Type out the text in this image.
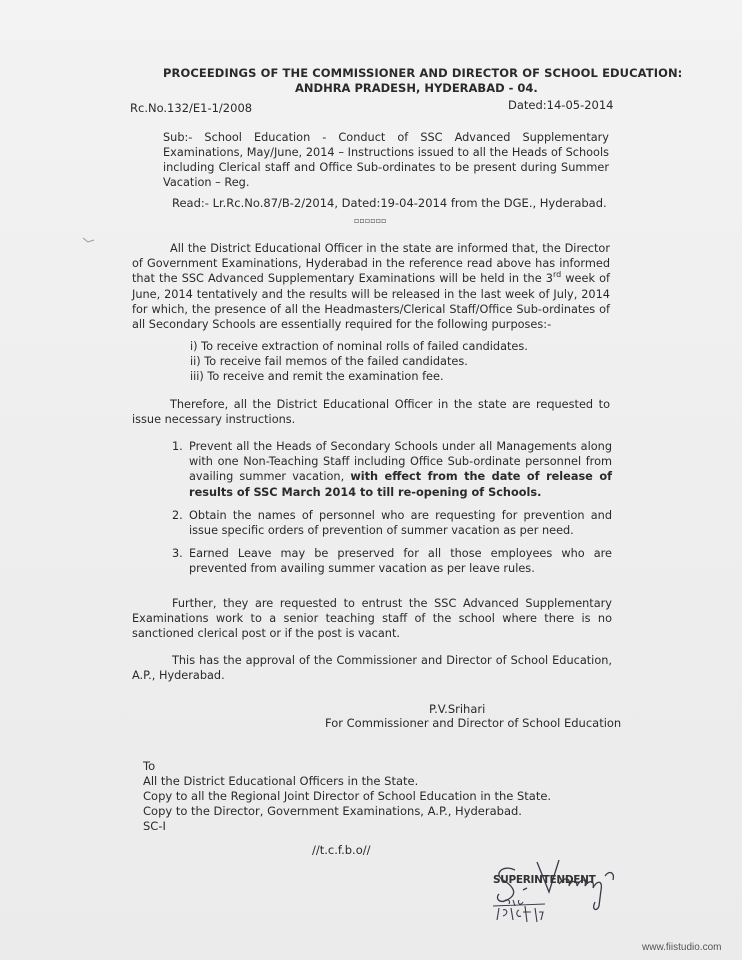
PROCEEDINGS OF THE COMMISSIONER AND DIRECTOR OF SCHOOL EDUCATION:
ANDHRA PRADESH, HYDERABAD - 04.
Rc.No.132/E1-1/2008	Dated:14-05-2014
Sub:- School Education - Conduct of SSC Advanced Supplementary Examinations, May/June, 2014 – Instructions issued to all the Heads of Schools including Clerical staff and Office Sub-ordinates to be present during Summer Vacation – Reg.
Read:- Lr.Rc.No.87/B-2/2014, Dated:19-04-2014 from the DGE., Hyderabad.
▫▫▫▫▫▫
All the District Educational Officer in the state are informed that, the Director of Government Examinations, Hyderabad in the reference read above has informed that the SSC Advanced Supplementary Examinations will be held in the 3rd week of June, 2014 tentatively and the results will be released in the last week of July, 2014 for which, the presence of all the Headmasters/Clerical Staff/Office Sub-ordinates of all Secondary Schools are essentially required for the following purposes:-
i) To receive extraction of nominal rolls of failed candidates.
ii) To receive fail memos of the failed candidates.
iii) To receive and remit the examination fee.
Therefore, all the District Educational Officer in the state are requested to issue necessary instructions.
1. Prevent all the Heads of Secondary Schools under all Managements along with one Non-Teaching Staff including Office Sub-ordinate personnel from availing summer vacation, with effect from the date of release of results of SSC March 2014 to till re-opening of Schools.
2. Obtain the names of personnel who are requesting for prevention and issue specific orders of prevention of summer vacation as per need.
3. Earned Leave may be preserved for all those employees who are prevented from availing summer vacation as per leave rules.
Further, they are requested to entrust the SSC Advanced Supplementary Examinations work to a senior teaching staff of the school where there is no sanctioned clerical post or if the post is vacant.
This has the approval of the Commissioner and Director of School Education, A.P., Hyderabad.
P.V.Srihari
For Commissioner and Director of School Education
To
All the District Educational Officers in the State.
Copy to all the Regional Joint Director of School Education in the State.
Copy to the Director, Government Examinations, A.P., Hyderabad.
SC-I
//t.c.f.b.o//
SUPERINTENDENT
www.fiistudio.com
